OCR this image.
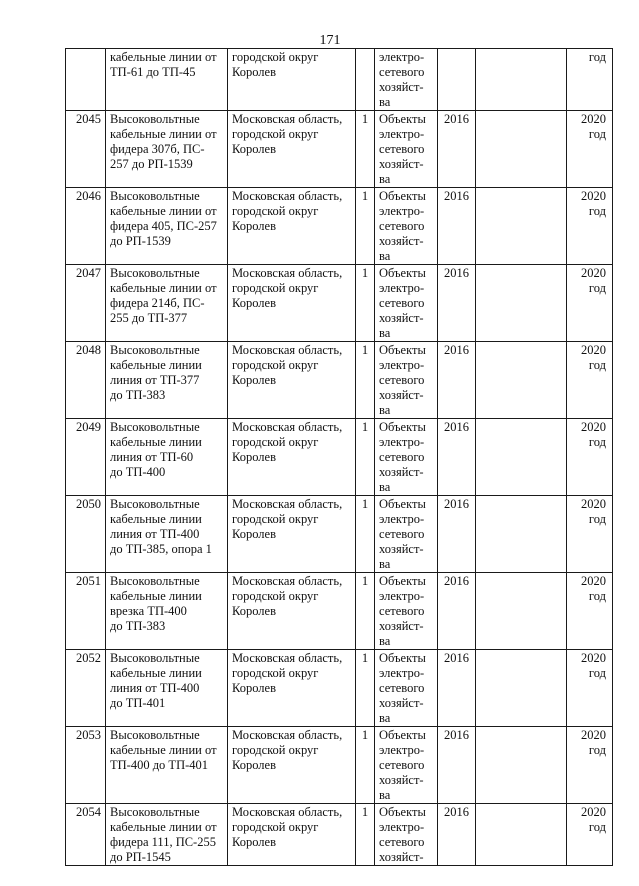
171
	кабельные линии от
ТП-61 до ТП-45	городской округ
Королев		электро-
сетевого
хозяйст-
ва			год
2045	Высоковольтные
кабельные линии от
фидера 307б, ПС-
257 до РП-1539	Московская область,
городской округ
Королев	1	Объекты
электро-
сетевого
хозяйст-
ва	2016		2020
год
2046	Высоковольтные
кабельные линии от
фидера 405, ПС-257
до РП-1539	Московская область,
городской округ
Королев	1	Объекты
электро-
сетевого
хозяйст-
ва	2016		2020
год
2047	Высоковольтные
кабельные линии от
фидера 214б, ПС-
255 до ТП-377	Московская область,
городской округ
Королев	1	Объекты
электро-
сетевого
хозяйст-
ва	2016		2020
год
2048	Высоковольтные
кабельные линии
линия от ТП-377
до ТП-383	Московская область,
городской округ
Королев	1	Объекты
электро-
сетевого
хозяйст-
ва	2016		2020
год
2049	Высоковольтные
кабельные линии
линия от ТП-60
до ТП-400	Московская область,
городской округ
Королев	1	Объекты
электро-
сетевого
хозяйст-
ва	2016		2020
год
2050	Высоковольтные
кабельные линии
линия от ТП-400
до ТП-385, опора 1	Московская область,
городской округ
Королев	1	Объекты
электро-
сетевого
хозяйст-
ва	2016		2020
год
2051	Высоковольтные
кабельные линии
врезка ТП-400
до ТП-383	Московская область,
городской округ
Королев	1	Объекты
электро-
сетевого
хозяйст-
ва	2016		2020
год
2052	Высоковольтные
кабельные линии
линия от ТП-400
до ТП-401	Московская область,
городской округ
Королев	1	Объекты
электро-
сетевого
хозяйст-
ва	2016		2020
год
2053	Высоковольтные
кабельные линии от
ТП-400 до ТП-401	Московская область,
городской округ
Королев	1	Объекты
электро-
сетевого
хозяйст-
ва	2016		2020
год
2054	Высоковольтные
кабельные линии от
фидера 111, ПС-255
до РП-1545	Московская область,
городской округ
Королев	1	Объекты
электро-
сетевого
хозяйст-	2016		2020
год
